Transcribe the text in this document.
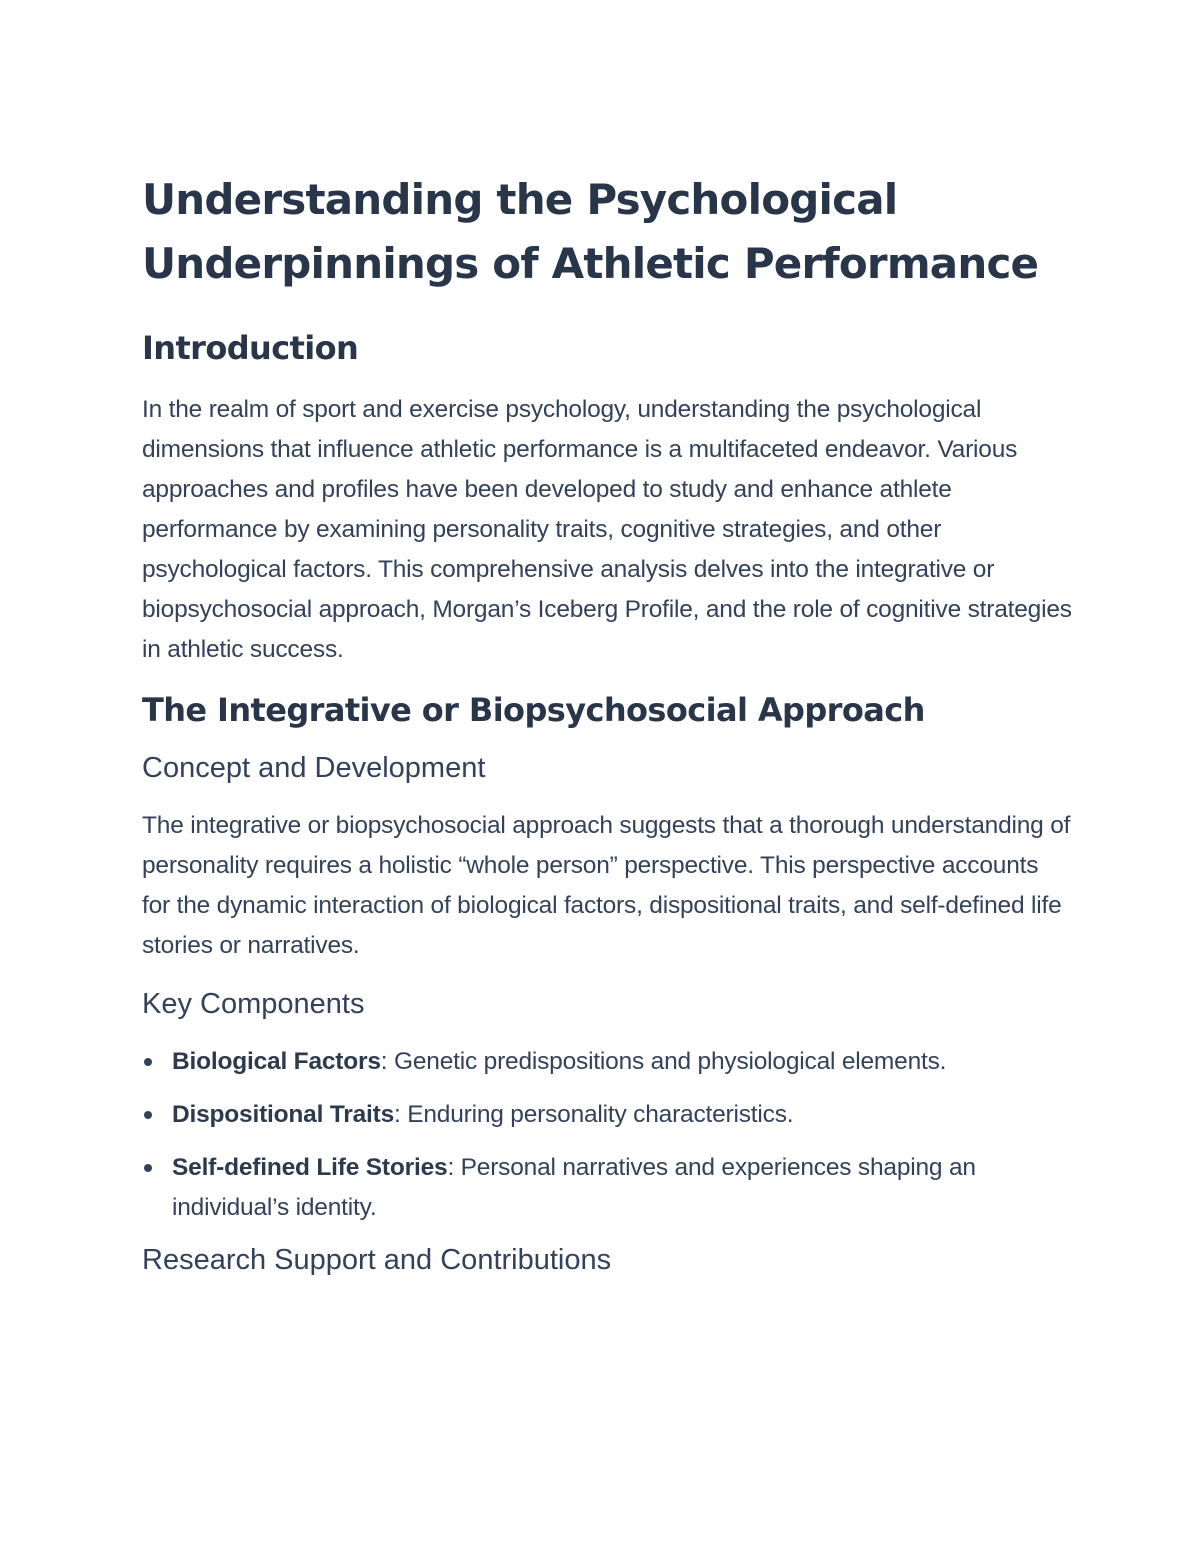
Understanding the Psychological Underpinnings of Athletic Performance
Introduction

In the realm of sport and exercise psychology, understanding the psychological dimensions that influence athletic performance is a multifaceted endeavor. Various approaches and profiles have been developed to study and enhance athlete performance by examining personality traits, cognitive strategies, and other psychological factors. This comprehensive analysis delves into the integrative or biopsychosocial approach, Morgan’s Iceberg Profile, and the role of cognitive strategies in athletic success.

The Integrative or Biopsychosocial Approach
Concept and Development

The integrative or biopsychosocial approach suggests that a thorough understanding of personality requires a holistic “whole person” perspective. This perspective accounts for the dynamic interaction of biological factors, dispositional traits, and self-defined life stories or narratives.

Key Components
Biological Factors: Genetic predispositions and physiological elements.
Dispositional Traits: Enduring personality characteristics.
Self-defined Life Stories: Personal narratives and experiences shaping an individual’s identity.
Research Support and Contributions
